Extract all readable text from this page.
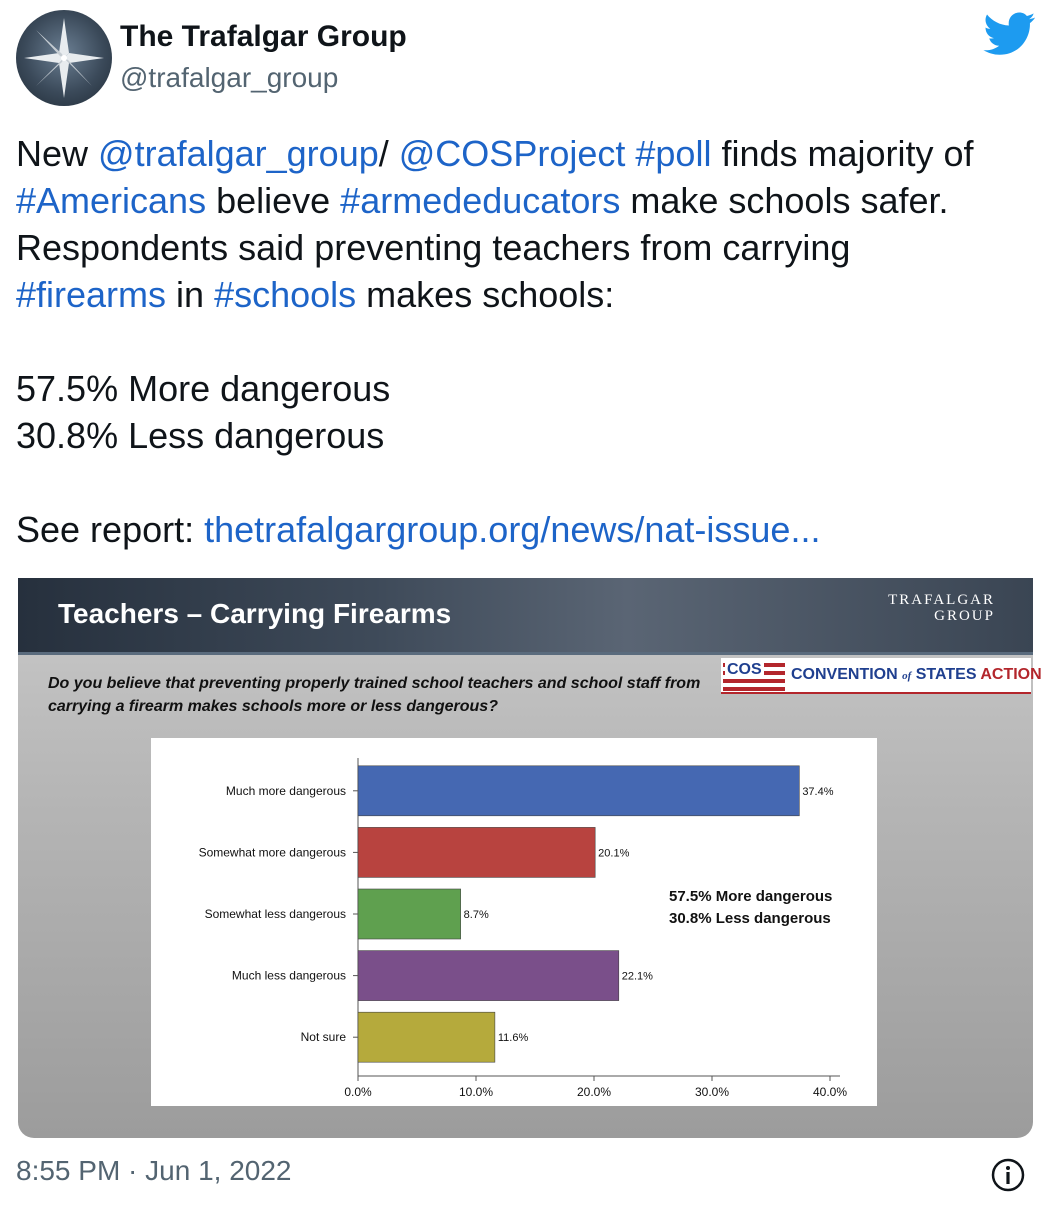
The Trafalgar Group
@trafalgar_group
New @trafalgar_group/ @COSProject #poll finds majority of
#Americans believe #armededucators make schools safer.
Respondents said preventing teachers from carrying
#firearms in #schools makes schools:

57.5% More dangerous
30.8% Less dangerous

See report: thetrafalgargroup.org/news/nat-issue...
Teachers – Carrying Firearms	TRAFALGAR
GROUP
Do you believe that preventing properly trained school teachers and school staff from carrying a firearm makes schools more or less dangerous?
COS CONVENTION of STATES ACTION
Much more dangerous	37.4%
Somewhat more dangerous	20.1%
Somewhat less dangerous	8.7%
Much less dangerous	22.1%
Not sure	11.6%
0.0%	10.0%	20.0%	30.0%	40.0%
57.5% More dangerous
30.8% Less dangerous
8:55 PM · Jun 1, 2022
